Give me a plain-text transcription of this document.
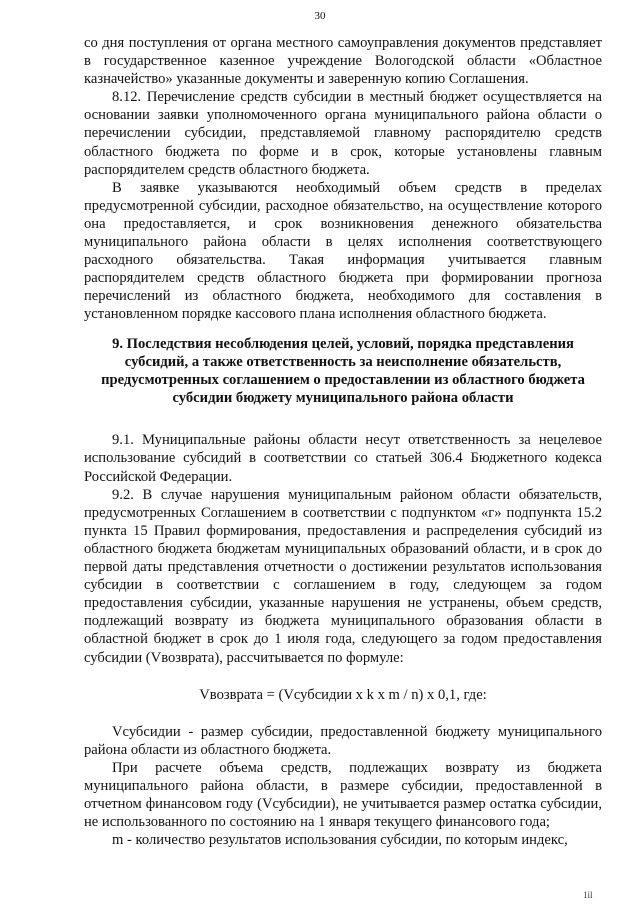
30

со дня поступления от органа местного самоуправления документов представляет в государственное казенное учреждение Вологодской области «Областное казначейство» указанные документы и заверенную копию Соглашения.

8.12. Перечисление средств субсидии в местный бюджет осуществляется на основании заявки уполномоченного органа муниципального района области о перечислении субсидии, представляемой главному распорядителю средств областного бюджета по форме и в срок, которые установлены главным распорядителем средств областного бюджета.

В заявке указываются необходимый объем средств в пределах предусмотренной субсидии, расходное обязательство, на осуществление которого она предоставляется, и срок возникновения денежного обязательства муниципального района области в целях исполнения соответствующего расходного обязательства. Такая информация учитывается главным распорядителем средств областного бюджета при формировании прогноза перечислений из областного бюджета, необходимого для составления в установленном порядке кассового плана исполнения областного бюджета.

9. Последствия несоблюдения целей, условий, порядка представления субсидий, а также ответственность за неисполнение обязательств, предусмотренных соглашением о предоставлении из областного бюджета субсидии бюджету муниципального района области

9.1. Муниципальные районы области несут ответственность за нецелевое использование субсидий в соответствии со статьей 306.4 Бюджетного кодекса Российской Федерации.

9.2. В случае нарушения муниципальным районом области обязательств, предусмотренных Соглашением в соответствии с подпунктом «г» подпункта 15.2 пункта 15 Правил формирования, предоставления и распределения субсидий из областного бюджета бюджетам муниципальных образований области, и в срок до первой даты представления отчетности о достижении результатов использования субсидии в соответствии с соглашением в году, следующем за годом предоставления субсидии, указанные нарушения не устранены, объем средств, подлежащий возврату из бюджета муниципального образования области в областной бюджет в срок до 1 июля года, следующего за годом предоставления субсидии (Vвозврата), рассчитывается по формуле:

Vвозврата = (Vсубсидии x k x m / n) x 0,1, где:

Vсубсидии - размер субсидии, предоставленной бюджету муниципального района области из областного бюджета.

При расчете объема средств, подлежащих возврату из бюджета муниципального района области, в размере субсидии, предоставленной в отчетном финансовом году (Vсубсидии), не учитывается размер остатка субсидии, не использованного по состоянию на 1 января текущего финансового года;

m - количество результатов использования субсидии, по которым индекс,

1il
